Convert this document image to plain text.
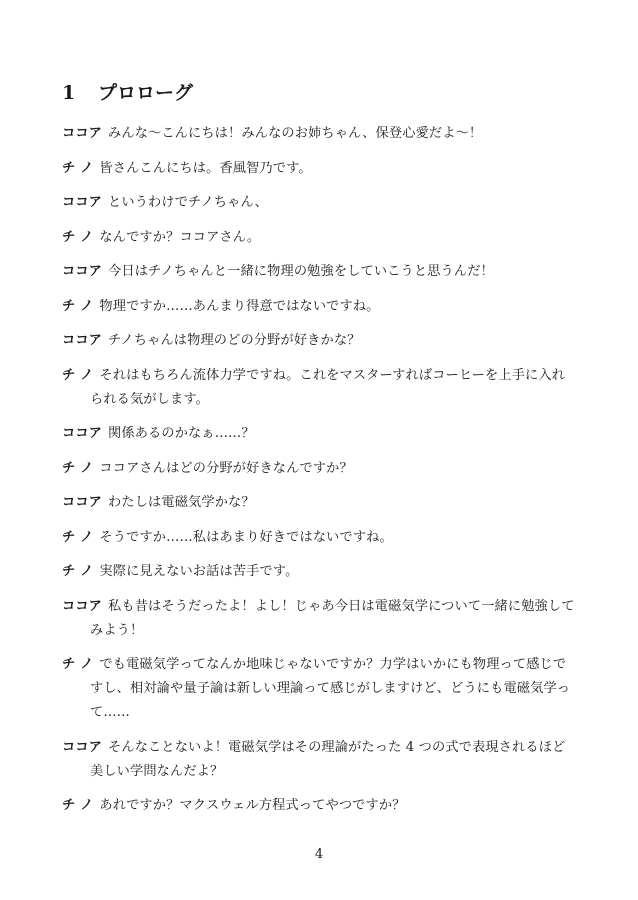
1	プロローグ
ココア みんな〜こんにちは！みんなのお姉ちゃん、保登心愛だよ〜！
チ ノ 皆さんこんにちは。香風智乃です。
ココア というわけでチノちゃん、
チ ノ なんですか？ココアさん。
ココア 今日はチノちゃんと一緒に物理の勉強をしていこうと思うんだ！
チ ノ 物理ですか……あんまり得意ではないですね。
ココア チノちゃんは物理のどの分野が好きかな？
チ ノ それはもちろん流体力学ですね。これをマスターすればコーヒーを上手に入れられる気がします。
ココア 関係あるのかなぁ……？
チ ノ ココアさんはどの分野が好きなんですか？
ココア わたしは電磁気学かな？
チ ノ そうですか……私はあまり好きではないですね。
チ ノ 実際に見えないお話は苦手です。
ココア 私も昔はそうだったよ！よし！じゃあ今日は電磁気学について一緒に勉強してみよう！
チ ノ でも電磁気学ってなんか地味じゃないですか？力学はいかにも物理って感じですし、相対論や量子論は新しい理論って感じがしますけど、どうにも電磁気学って……
ココア そんなことないよ！電磁気学はその理論がたった 4 つの式で表現されるほど美しい学問なんだよ？
チ ノ あれですか？マクスウェル方程式ってやつですか？
4
